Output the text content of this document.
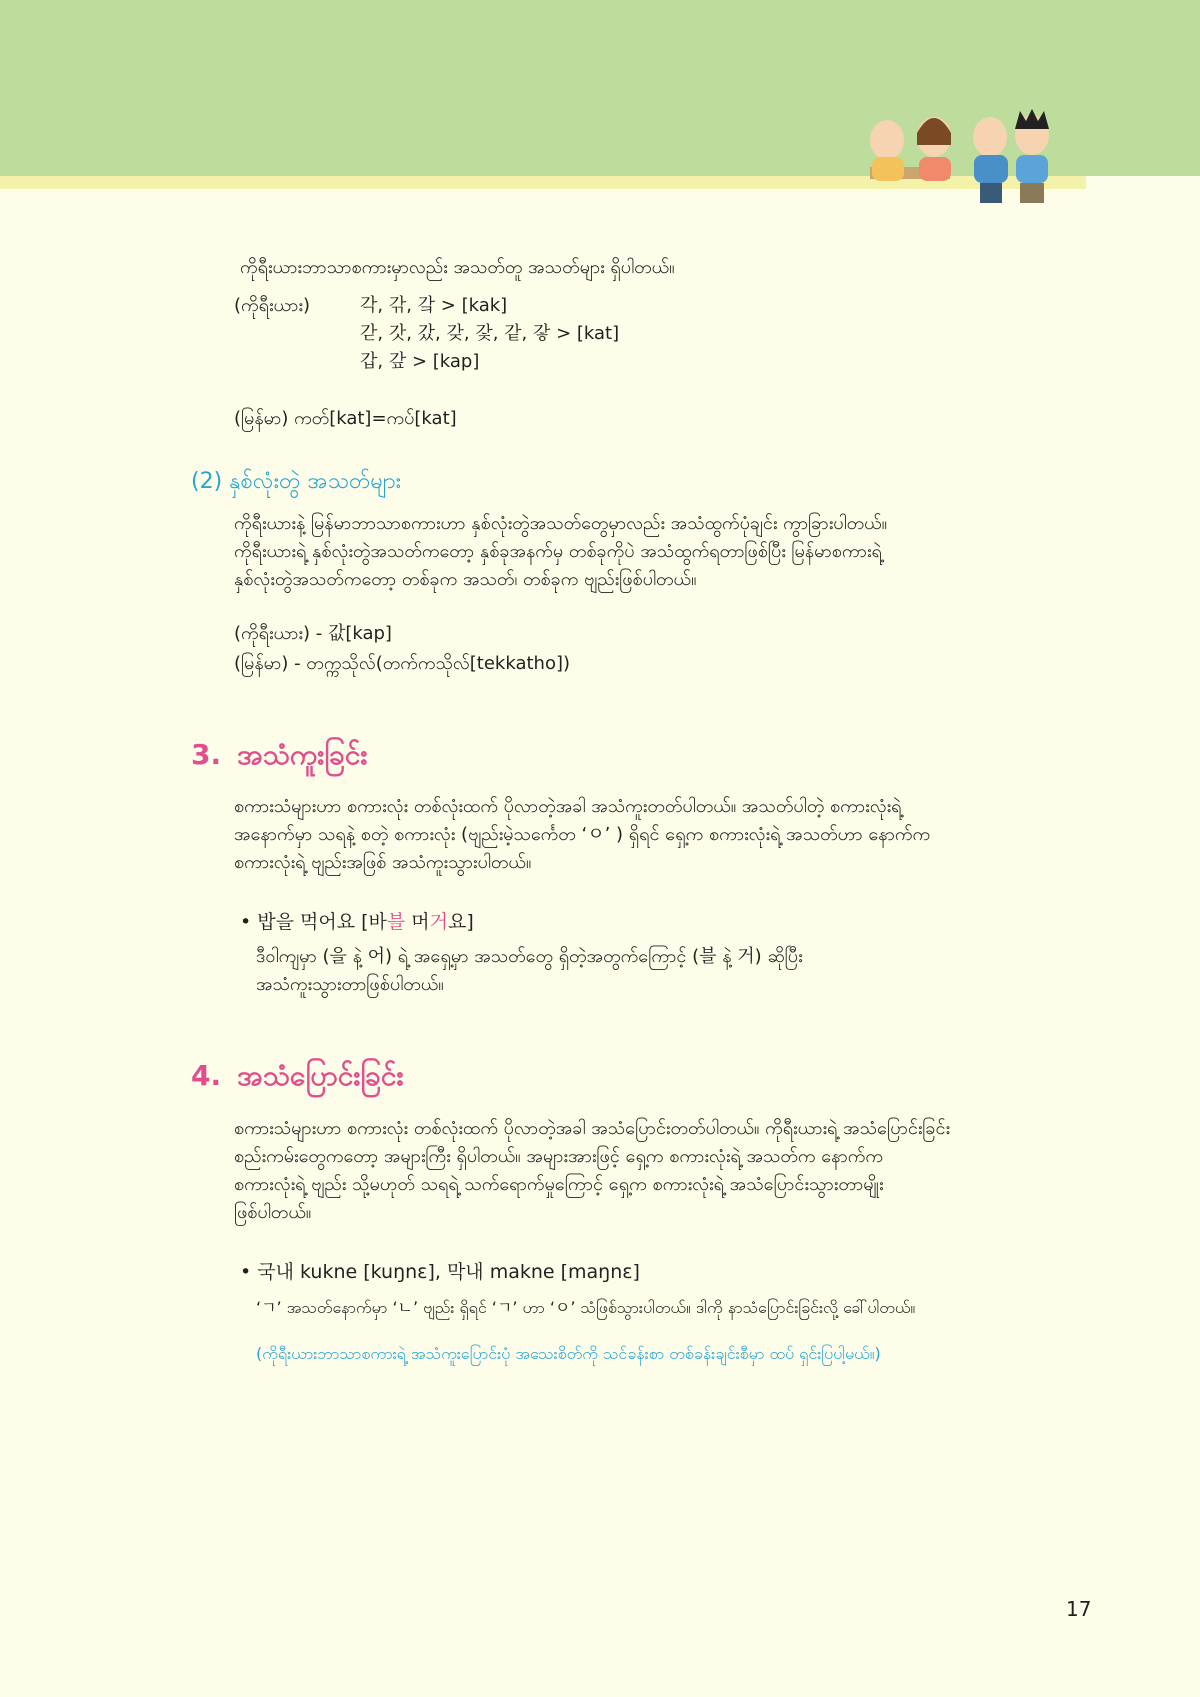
ကိုရီးယားဘာသာစကားမှာလည်း အသတ်တူ အသတ်များ ရှိပါတယ်။
(ကိုရီးယား)	각, 갂, 갘 > [kak]
갇, 갓, 갔, 갖, 갗, 같, 갛 > [kat]
갑, 갚 > [kap]
(မြန်မာ) ကတ်[kat]=ကပ်[kat]
(2) နှစ်လုံးတွဲ အသတ်များ
ကိုရီးယားနဲ့ မြန်မာဘာသာစကားဟာ နှစ်လုံးတွဲအသတ်တွေမှာလည်း အသံထွက်ပုံချင်း ကွာခြားပါတယ်။
ကိုရီးယားရဲ့ နှစ်လုံးတွဲအသတ်ကတော့ နှစ်ခုအနက်မှ တစ်ခုကိုပဲ အသံထွက်ရတာဖြစ်ပြီး မြန်မာစကားရဲ့
နှစ်လုံးတွဲအသတ်ကတော့ တစ်ခုက အသတ်၊ တစ်ခုက ဗျည်းဖြစ်ပါတယ်။
(ကိုရီးယား) - 값[kap]
(မြန်မာ) - တက္ကသိုလ်(တက်ကသိုလ်[tekkatho])
3. အသံကူးခြင်း
စကားသံများဟာ စကားလုံး တစ်လုံးထက် ပိုလာတဲ့အခါ အသံကူးတတ်ပါတယ်။ အသတ်ပါတဲ့ စကားလုံးရဲ့
အနောက်မှာ သရနဲ့ စတဲ့ စကားလုံး (ဗျည်းမဲ့သင်္ကေတ ‘ㅇ’ ) ရှိရင် ရှေ့က စကားလုံးရဲ့ အသတ်ဟာ နောက်က
စကားလုံးရဲ့ ဗျည်းအဖြစ် အသံကူးသွားပါတယ်။
• 밥을 먹어요 [바블 머거요]
ဒီဝါကျမှာ (을 နဲ့ 어) ရဲ့ အရှေ့မှာ အသတ်တွေ ရှိတဲ့အတွက်ကြောင့် (블 နဲ့ 거) ဆိုပြီး
အသံကူးသွားတာဖြစ်ပါတယ်။
4. အသံပြောင်းခြင်း
စကားသံများဟာ စကားလုံး တစ်လုံးထက် ပိုလာတဲ့အခါ အသံပြောင်းတတ်ပါတယ်။ ကိုရီးယားရဲ့ အသံပြောင်းခြင်း
စည်းကမ်းတွေကတော့ အများကြီး ရှိပါတယ်။ အများအားဖြင့် ရှေ့က စကားလုံးရဲ့ အသတ်က နောက်က
စကားလုံးရဲ့ ဗျည်း သို့မဟုတ် သရရဲ့ သက်ရောက်မှုကြောင့် ရှေ့က စကားလုံးရဲ့ အသံပြောင်းသွားတာမျိုး
ဖြစ်ပါတယ်။
• 국내 kukne [kuŋnɛ], 막내 makne [maŋnɛ]
‘ㄱ’ အသတ်နောက်မှာ ‘ㄴ’ ဗျည်း ရှိရင် ‘ㄱ’ ဟာ ‘ㅇ’ သံဖြစ်သွားပါတယ်။ ဒါကို နာသံပြောင်းခြင်းလို့ ခေါ်ပါတယ်။
(ကိုရီးယားဘာသာစကားရဲ့ အသံကူးပြောင်းပုံ အသေးစိတ်ကို သင်ခန်းစာ တစ်ခန်းချင်းစီမှာ ထပ် ရှင်းပြပါ့မယ်။)
17
